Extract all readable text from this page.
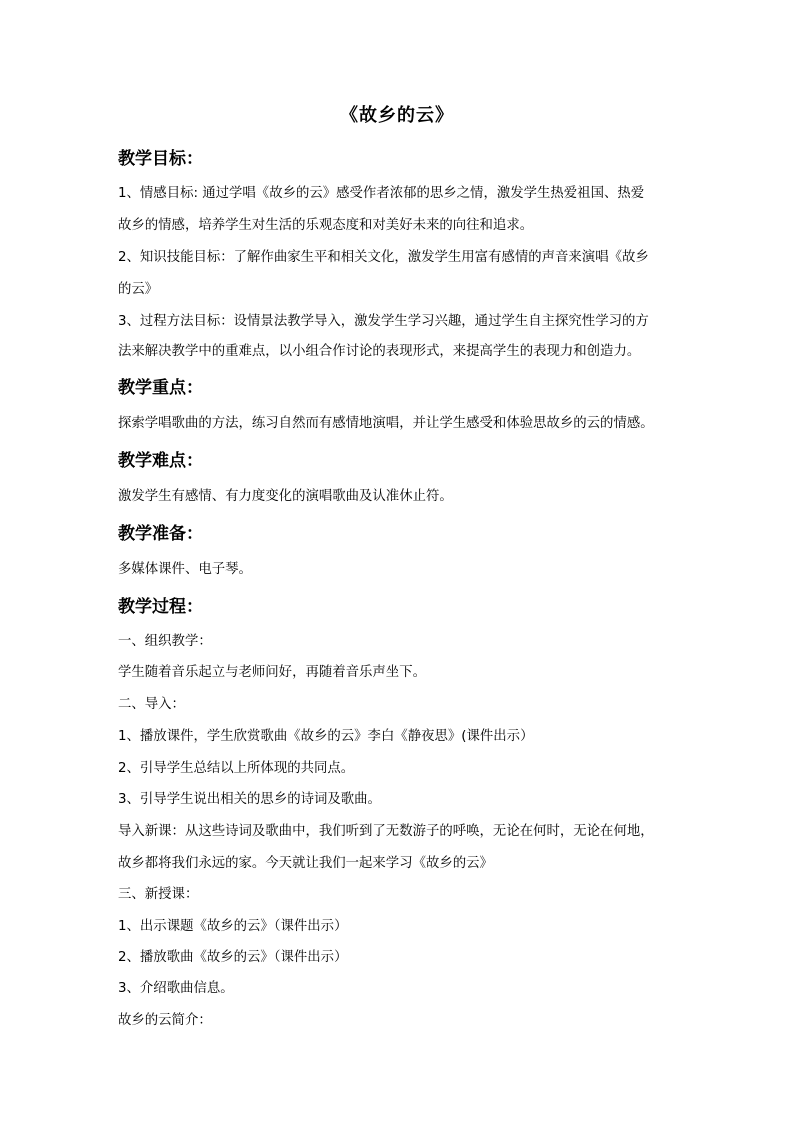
《故乡的云》
教学目标：
1、情感目标: 通过学唱《故乡的云》感受作者浓郁的思乡之情，激发学生热爱祖国、热爱
故乡的情感，培养学生对生活的乐观态度和对美好未来的向往和追求。
2、知识技能目标：了解作曲家生平和相关文化，激发学生用富有感情的声音来演唱《故乡
的云》
3、过程方法目标：设情景法教学导入，激发学生学习兴趣，通过学生自主探究性学习的方
法来解决教学中的重难点，以小组合作讨论的表现形式，来提高学生的表现力和创造力。
教学重点：
探索学唱歌曲的方法，练习自然而有感情地演唱，并让学生感受和体验思故乡的云的情感。
教学难点：
激发学生有感情、有力度变化的演唱歌曲及认准休止符。
教学准备：
多媒体课件、电子琴。
教学过程：
一、组织教学：
学生随着音乐起立与老师问好，再随着音乐声坐下。
二、导入：
1、播放课件，学生欣赏歌曲《故乡的云》李白《静夜思》(课件出示）
2、引导学生总结以上所体现的共同点。
3、引导学生说出相关的思乡的诗词及歌曲。
导入新课：从这些诗词及歌曲中，我们听到了无数游子的呼唤，无论在何时，无论在何地，
故乡都将我们永远的家。今天就让我们一起来学习《故乡的云》
三、新授课：
1、出示课题《故乡的云》（课件出示）
2、播放歌曲《故乡的云》（课件出示）
3、介绍歌曲信息。
故乡的云简介：
